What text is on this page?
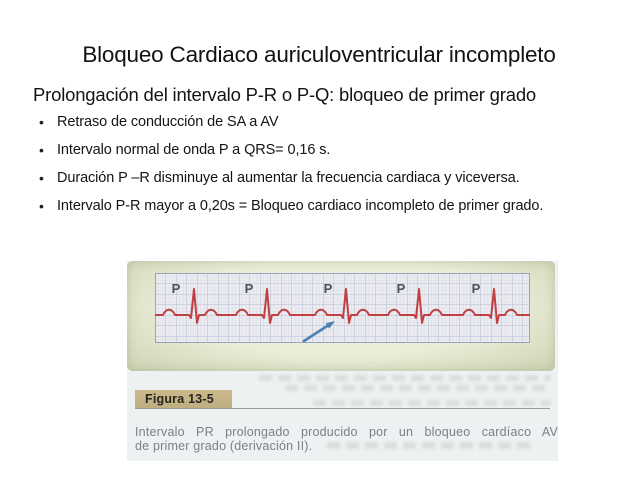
Bloqueo Cardiaco auriculoventricular incompleto
Prolongación del intervalo P-R o P-Q: bloqueo de primer grado
• Retraso de conducción de SA a AV
• Intervalo normal de onda P a QRS= 0,16 s.
• Duración P –R disminuye al aumentar la frecuencia cardiaca y viceversa.
• Intervalo P-R mayor a 0,20s = Bloqueo cardiaco incompleto de primer grado.
P	P	P	P	P
Figura 13-5
Intervalo PR prolongado producido por un bloqueo cardíaco AV
de primer grado (derivación II).
